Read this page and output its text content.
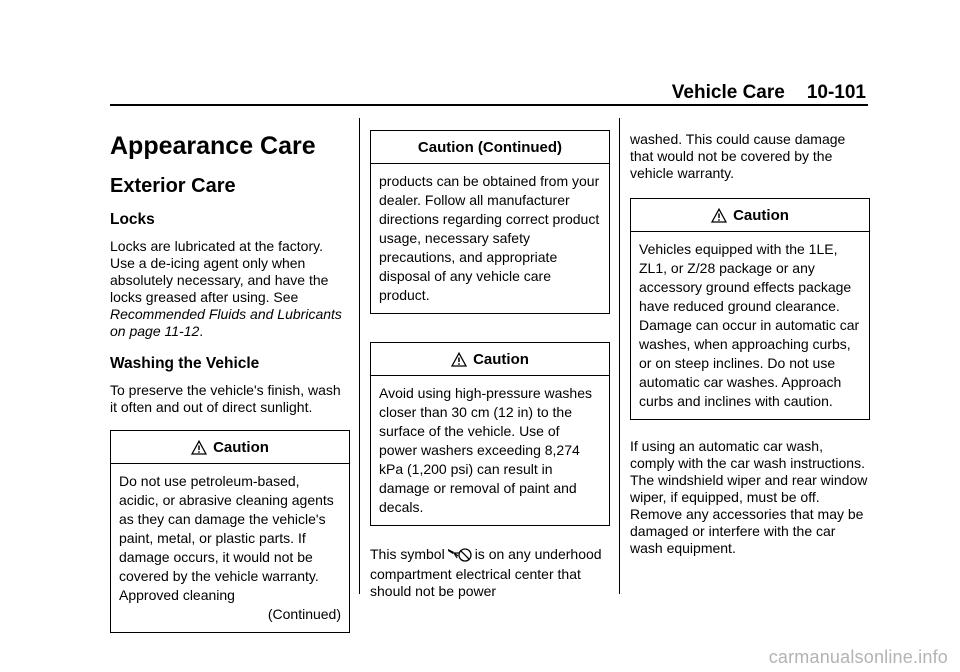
Vehicle Care 10-101
Appearance Care
Exterior Care
Locks

Locks are lubricated at the factory. Use a de-icing agent only when absolutely necessary, and have the locks greased after using. See Recommended Fluids and Lubricants on page 11-12.

Washing the Vehicle

To preserve the vehicle's finish, wash it often and out of direct sunlight.

Caution
Do not use petroleum-based, acidic, or abrasive cleaning agents as they can damage the vehicle's paint, metal, or plastic parts. If damage occurs, it would not be covered by the vehicle warranty. Approved cleaning
(Continued)
Caution (Continued)
products can be obtained from your dealer. Follow all manufacturer directions regarding correct product usage, necessary safety precautions, and appropriate disposal of any vehicle care product.
Caution
Avoid using high-pressure washes closer than 30 cm (12 in) to the surface of the vehicle. Use of power washers exceeding 8,274 kPa (1,200 psi) can result in damage or removal of paint and decals.

This symbol is on any underhood compartment electrical center that should not be power

washed. This could cause damage that would not be covered by the vehicle warranty.

Caution
Vehicles equipped with the 1LE, ZL1, or Z/28 package or any accessory ground effects package have reduced ground clearance. Damage can occur in automatic car washes, when approaching curbs, or on steep inclines. Do not use automatic car washes. Approach curbs and inclines with caution.

If using an automatic car wash, comply with the car wash instructions. The windshield wiper and rear window wiper, if equipped, must be off. Remove any accessories that may be damaged or interfere with the car wash equipment.

carmanualsonline.info
